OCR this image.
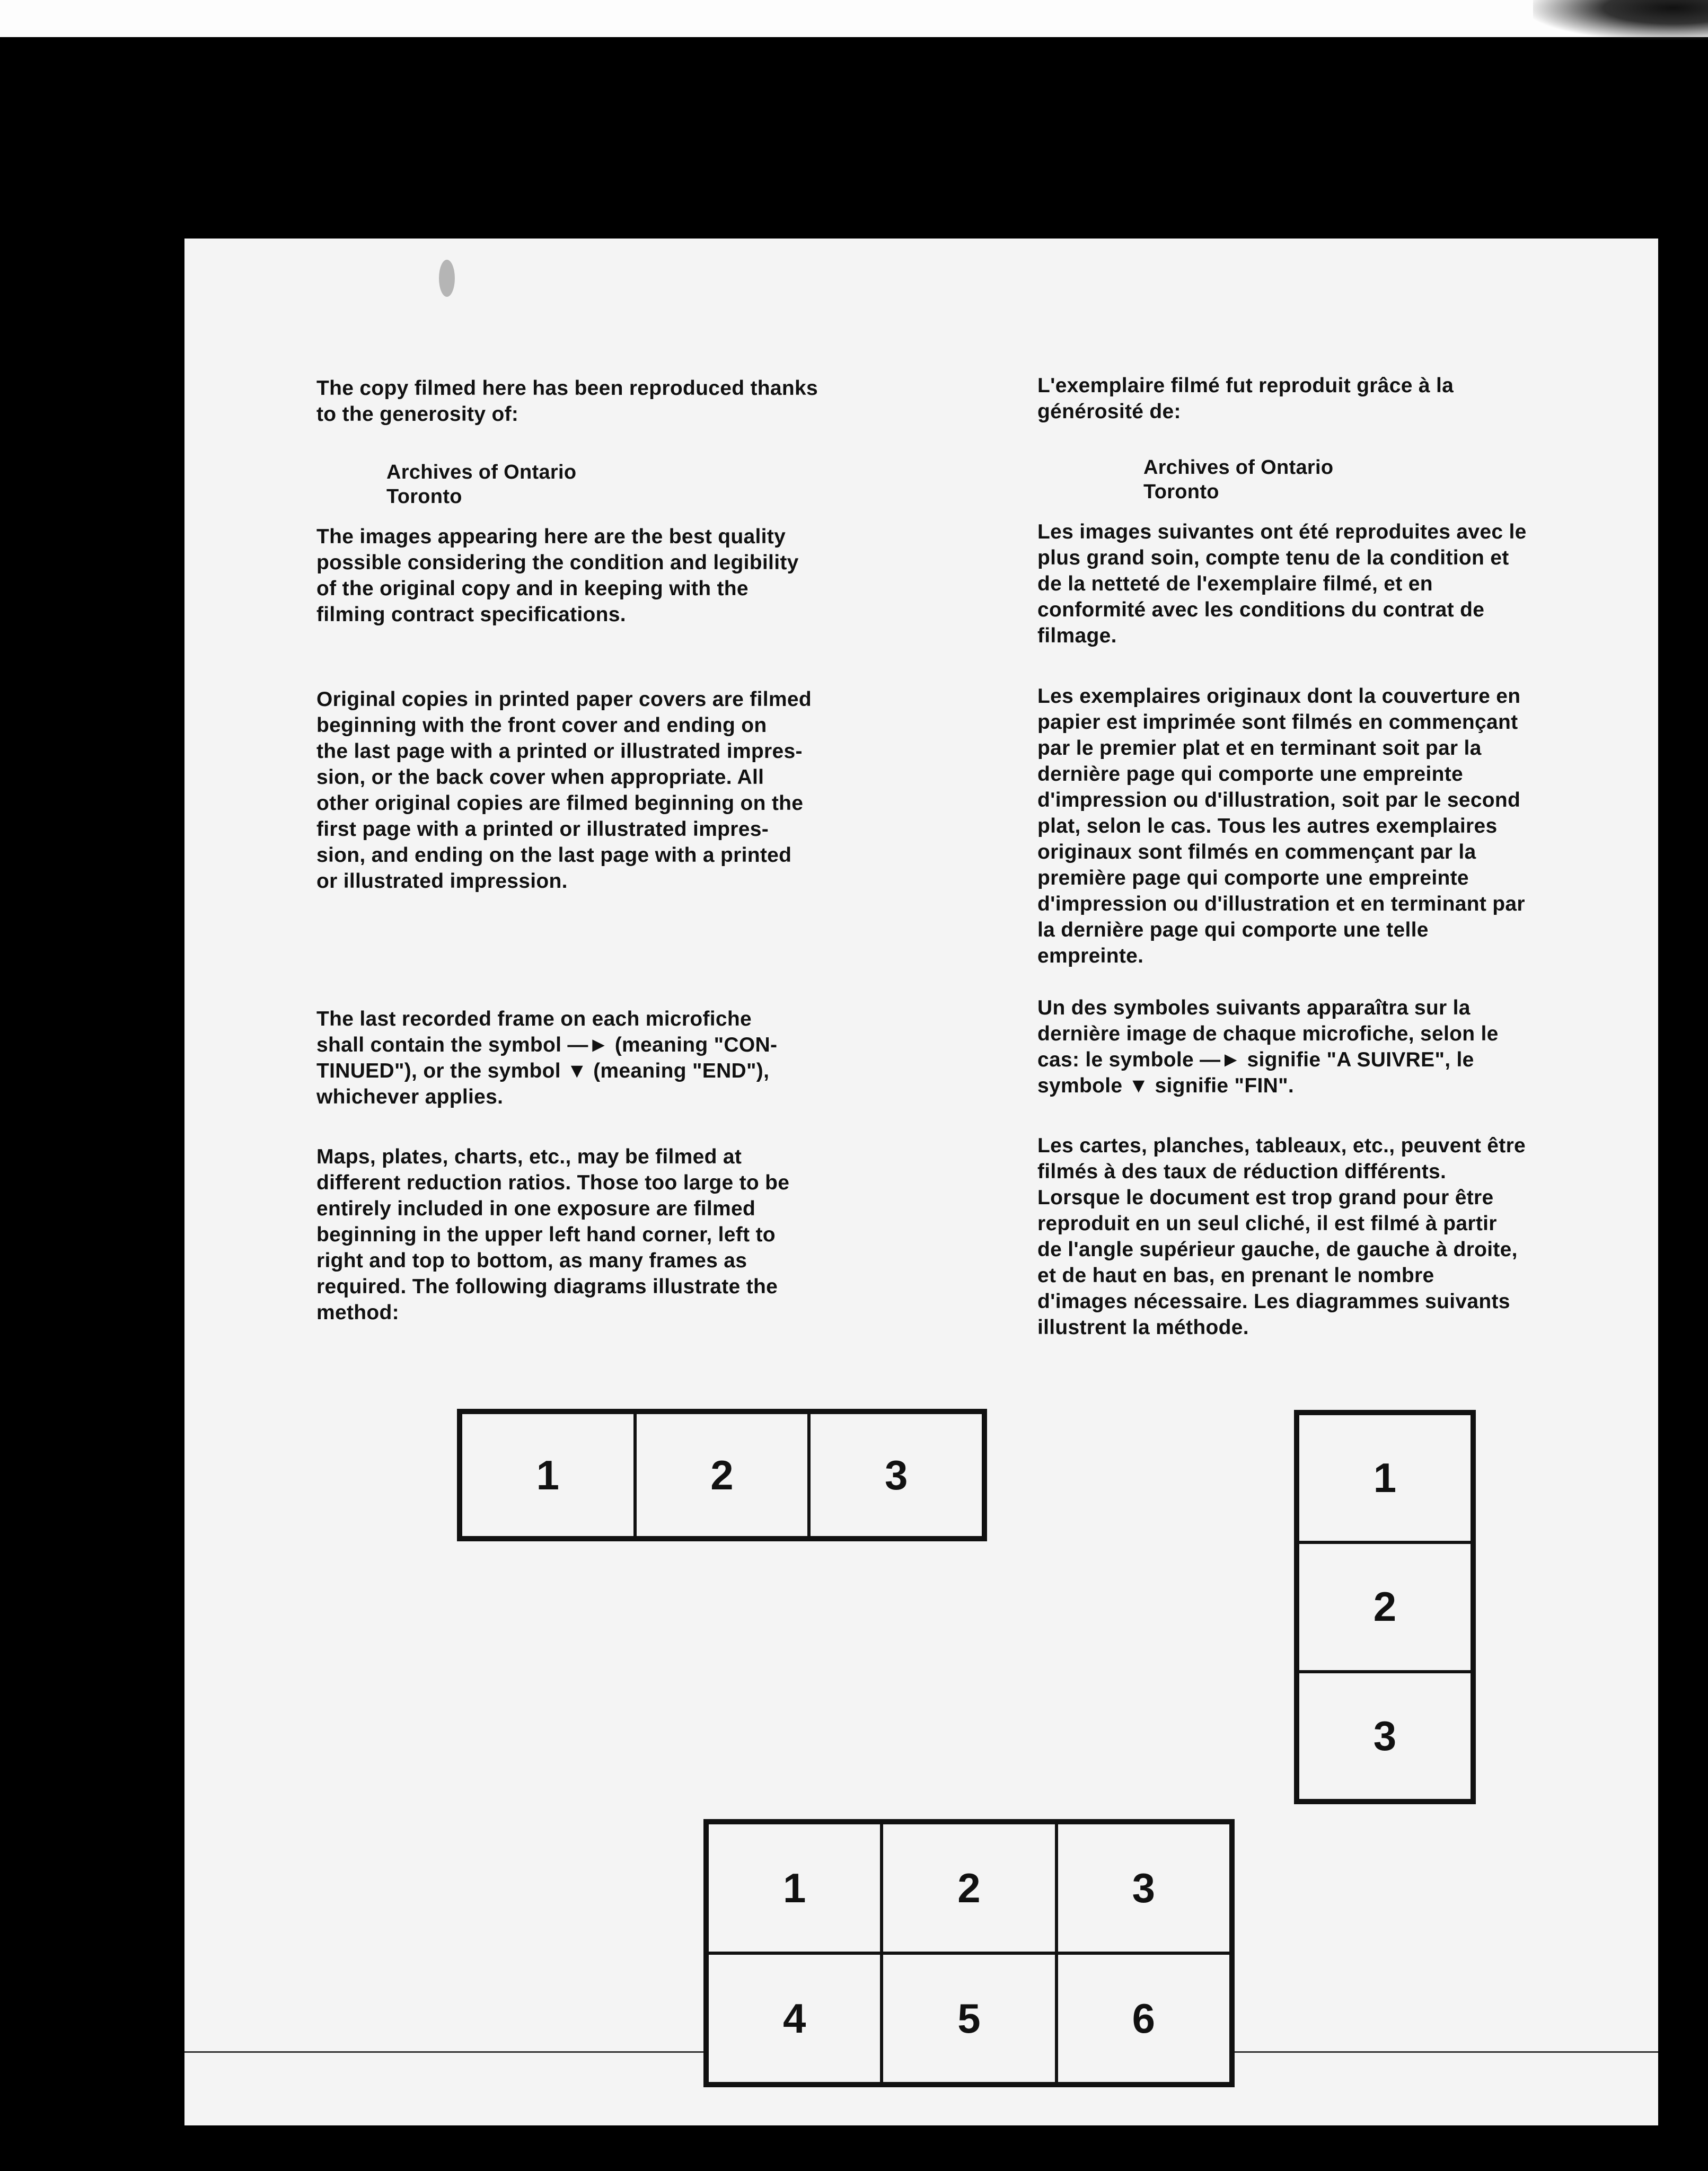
The copy filmed here has been reproduced thanks
to the generosity of:

Archives of Ontario
Toronto

The images appearing here are the best quality
possible considering the condition and legibility
of the original copy and in keeping with the
filming contract specifications.

Original copies in printed paper covers are filmed
beginning with the front cover and ending on
the last page with a printed or illustrated impres-
sion, or the back cover when appropriate. All
other original copies are filmed beginning on the
first page with a printed or illustrated impres-
sion, and ending on the last page with a printed
or illustrated impression.

The last recorded frame on each microfiche
shall contain the symbol —► (meaning "CON-
TINUED"), or the symbol ▼ (meaning "END"),
whichever applies.

Maps, plates, charts, etc., may be filmed at
different reduction ratios. Those too large to be
entirely included in one exposure are filmed
beginning in the upper left hand corner, left to
right and top to bottom, as many frames as
required. The following diagrams illustrate the
method:

L'exemplaire filmé fut reproduit grâce à la
générosité de:

Archives of Ontario
Toronto

Les images suivantes ont été reproduites avec le
plus grand soin, compte tenu de la condition et
de la netteté de l'exemplaire filmé, et en
conformité avec les conditions du contrat de
filmage.

Les exemplaires originaux dont la couverture en
papier est imprimée sont filmés en commençant
par le premier plat et en terminant soit par la
dernière page qui comporte une empreinte
d'impression ou d'illustration, soit par le second
plat, selon le cas. Tous les autres exemplaires
originaux sont filmés en commençant par la
première page qui comporte une empreinte
d'impression ou d'illustration et en terminant par
la dernière page qui comporte une telle
empreinte.

Un des symboles suivants apparaîtra sur la
dernière image de chaque microfiche, selon le
cas: le symbole —► signifie "A SUIVRE", le
symbole ▼ signifie "FIN".

Les cartes, planches, tableaux, etc., peuvent être
filmés à des taux de réduction différents.
Lorsque le document est trop grand pour être
reproduit en un seul cliché, il est filmé à partir
de l'angle supérieur gauche, de gauche à droite,
et de haut en bas, en prenant le nombre
d'images nécessaire. Les diagrammes suivants
illustrent la méthode.

1	2	3	1
2
3
1	2	3
4	5	6
